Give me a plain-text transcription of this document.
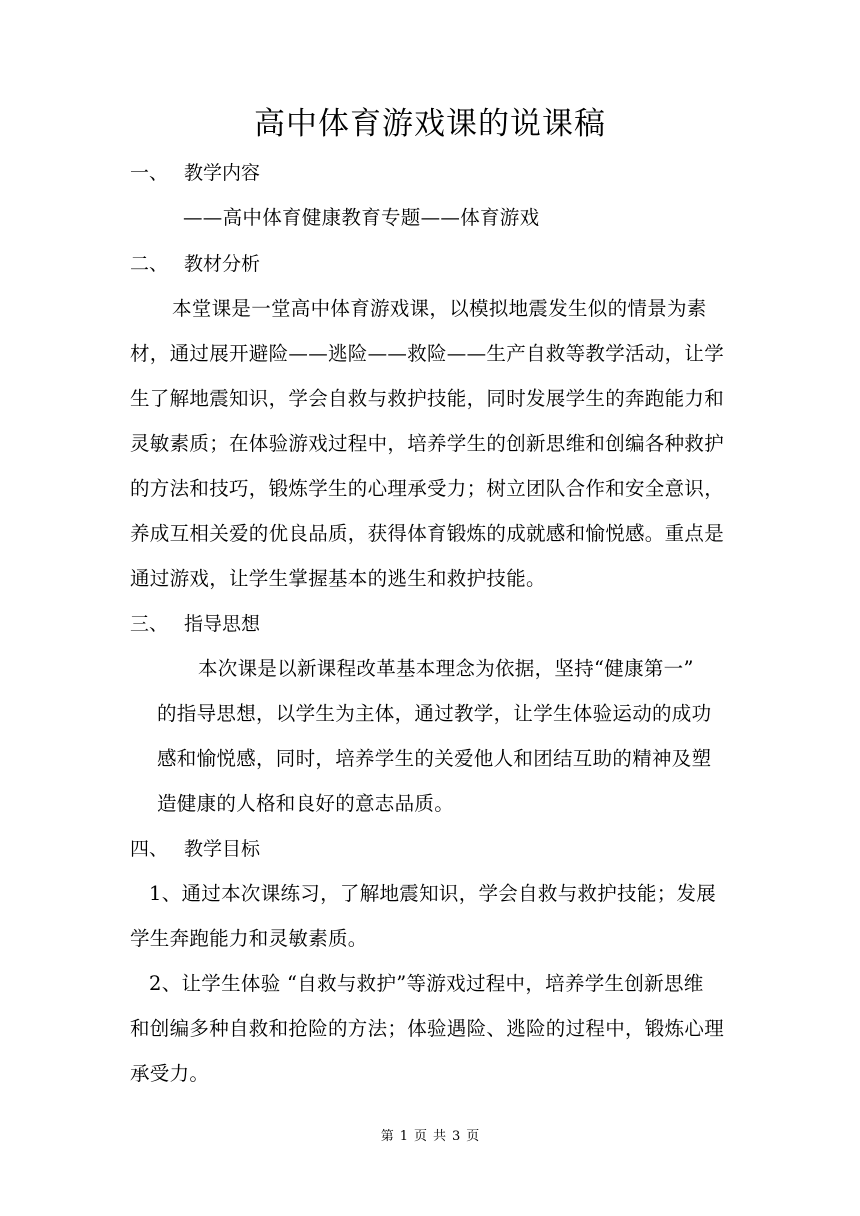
高中体育游戏课的说课稿
一、 教学内容
——高中体育健康教育专题——体育游戏
二、 教材分析
本堂课是一堂高中体育游戏课，以模拟地震发生似的情景为素
材，通过展开避险——逃险——救险——生产自救等教学活动，让学
生了解地震知识，学会自救与救护技能，同时发展学生的奔跑能力和
灵敏素质；在体验游戏过程中，培养学生的创新思维和创编各种救护
的方法和技巧，锻炼学生的心理承受力；树立团队合作和安全意识，
养成互相关爱的优良品质，获得体育锻炼的成就感和愉悦感。重点是
通过游戏，让学生掌握基本的逃生和救护技能。
三、 指导思想
本次课是以新课程改革基本理念为依据，坚持“健康第一”
的指导思想，以学生为主体，通过教学，让学生体验运动的成功
感和愉悦感，同时，培养学生的关爱他人和团结互助的精神及塑
造健康的人格和良好的意志品质。
四、 教学目标
1、通过本次课练习，了解地震知识，学会自救与救护技能；发展
学生奔跑能力和灵敏素质。
2、让学生体验 “自救与救护”等游戏过程中，培养学生创新思维
和创编多种自救和抢险的方法；体验遇险、逃险的过程中，锻炼心理
承受力。
第 1 页 共 3 页
